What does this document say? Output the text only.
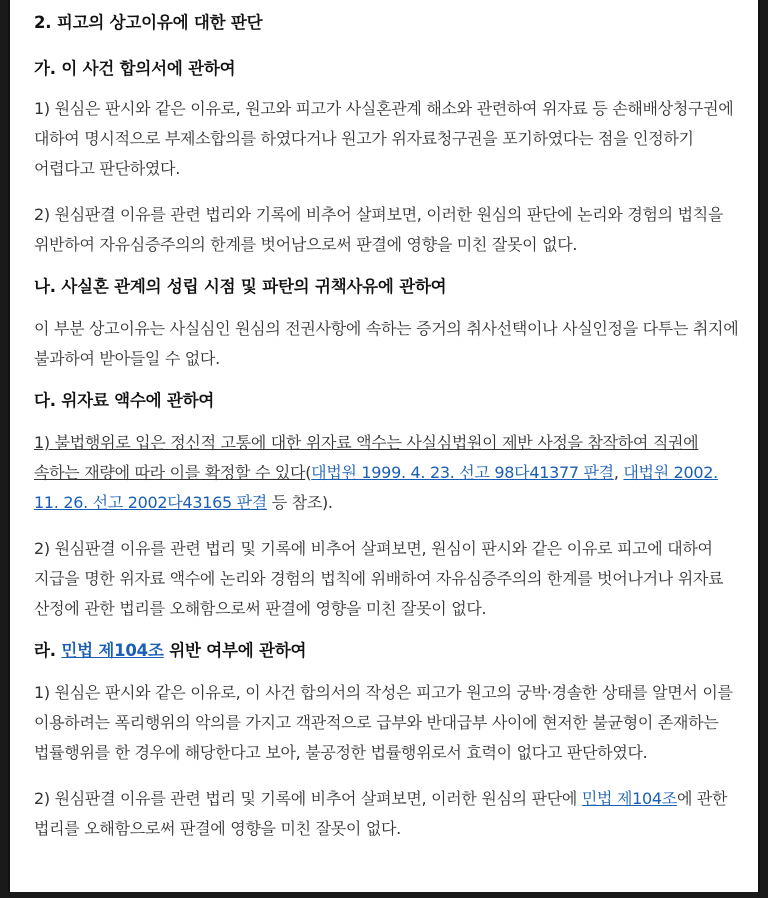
2. 피고의 상고이유에 대한 판단

가. 이 사건 합의서에 관하여

1) 원심은 판시와 같은 이유로, 원고와 피고가 사실혼관계 해소와 관련하여 위자료 등 손해배상청구권에 대하여 명시적으로 부제소합의를 하였다거나 원고가 위자료청구권을 포기하였다는 점을 인정하기 어렵다고 판단하였다.

2) 원심판결 이유를 관련 법리와 기록에 비추어 살펴보면, 이러한 원심의 판단에 논리와 경험의 법칙을 위반하여 자유심증주의의 한계를 벗어남으로써 판결에 영향을 미친 잘못이 없다.

나. 사실혼 관계의 성립 시점 및 파탄의 귀책사유에 관하여

이 부분 상고이유는 사실심인 원심의 전권사항에 속하는 증거의 취사선택이나 사실인정을 다투는 취지에 불과하여 받아들일 수 없다.

다. 위자료 액수에 관하여

1) 불법행위로 입은 정신적 고통에 대한 위자료 액수는 사실심법원이 제반 사정을 참작하여 직권에 속하는 재량에 따라 이를 확정할 수 있다(대법원 1999. 4. 23. 선고 98다41377 판결, 대법원 2002. 11. 26. 선고 2002다43165 판결 등 참조).

2) 원심판결 이유를 관련 법리 및 기록에 비추어 살펴보면, 원심이 판시와 같은 이유로 피고에 대하여 지급을 명한 위자료 액수에 논리와 경험의 법칙에 위배하여 자유심증주의의 한계를 벗어나거나 위자료 산정에 관한 법리를 오해함으로써 판결에 영향을 미친 잘못이 없다.

라. 민법 제104조 위반 여부에 관하여

1) 원심은 판시와 같은 이유로, 이 사건 합의서의 작성은 피고가 원고의 궁박·경솔한 상태를 알면서 이를 이용하려는 폭리행위의 악의를 가지고 객관적으로 급부와 반대급부 사이에 현저한 불균형이 존재하는 법률행위를 한 경우에 해당한다고 보아, 불공정한 법률행위로서 효력이 없다고 판단하였다.

2) 원심판결 이유를 관련 법리 및 기록에 비추어 살펴보면, 이러한 원심의 판단에 민법 제104조에 관한 법리를 오해함으로써 판결에 영향을 미친 잘못이 없다.
